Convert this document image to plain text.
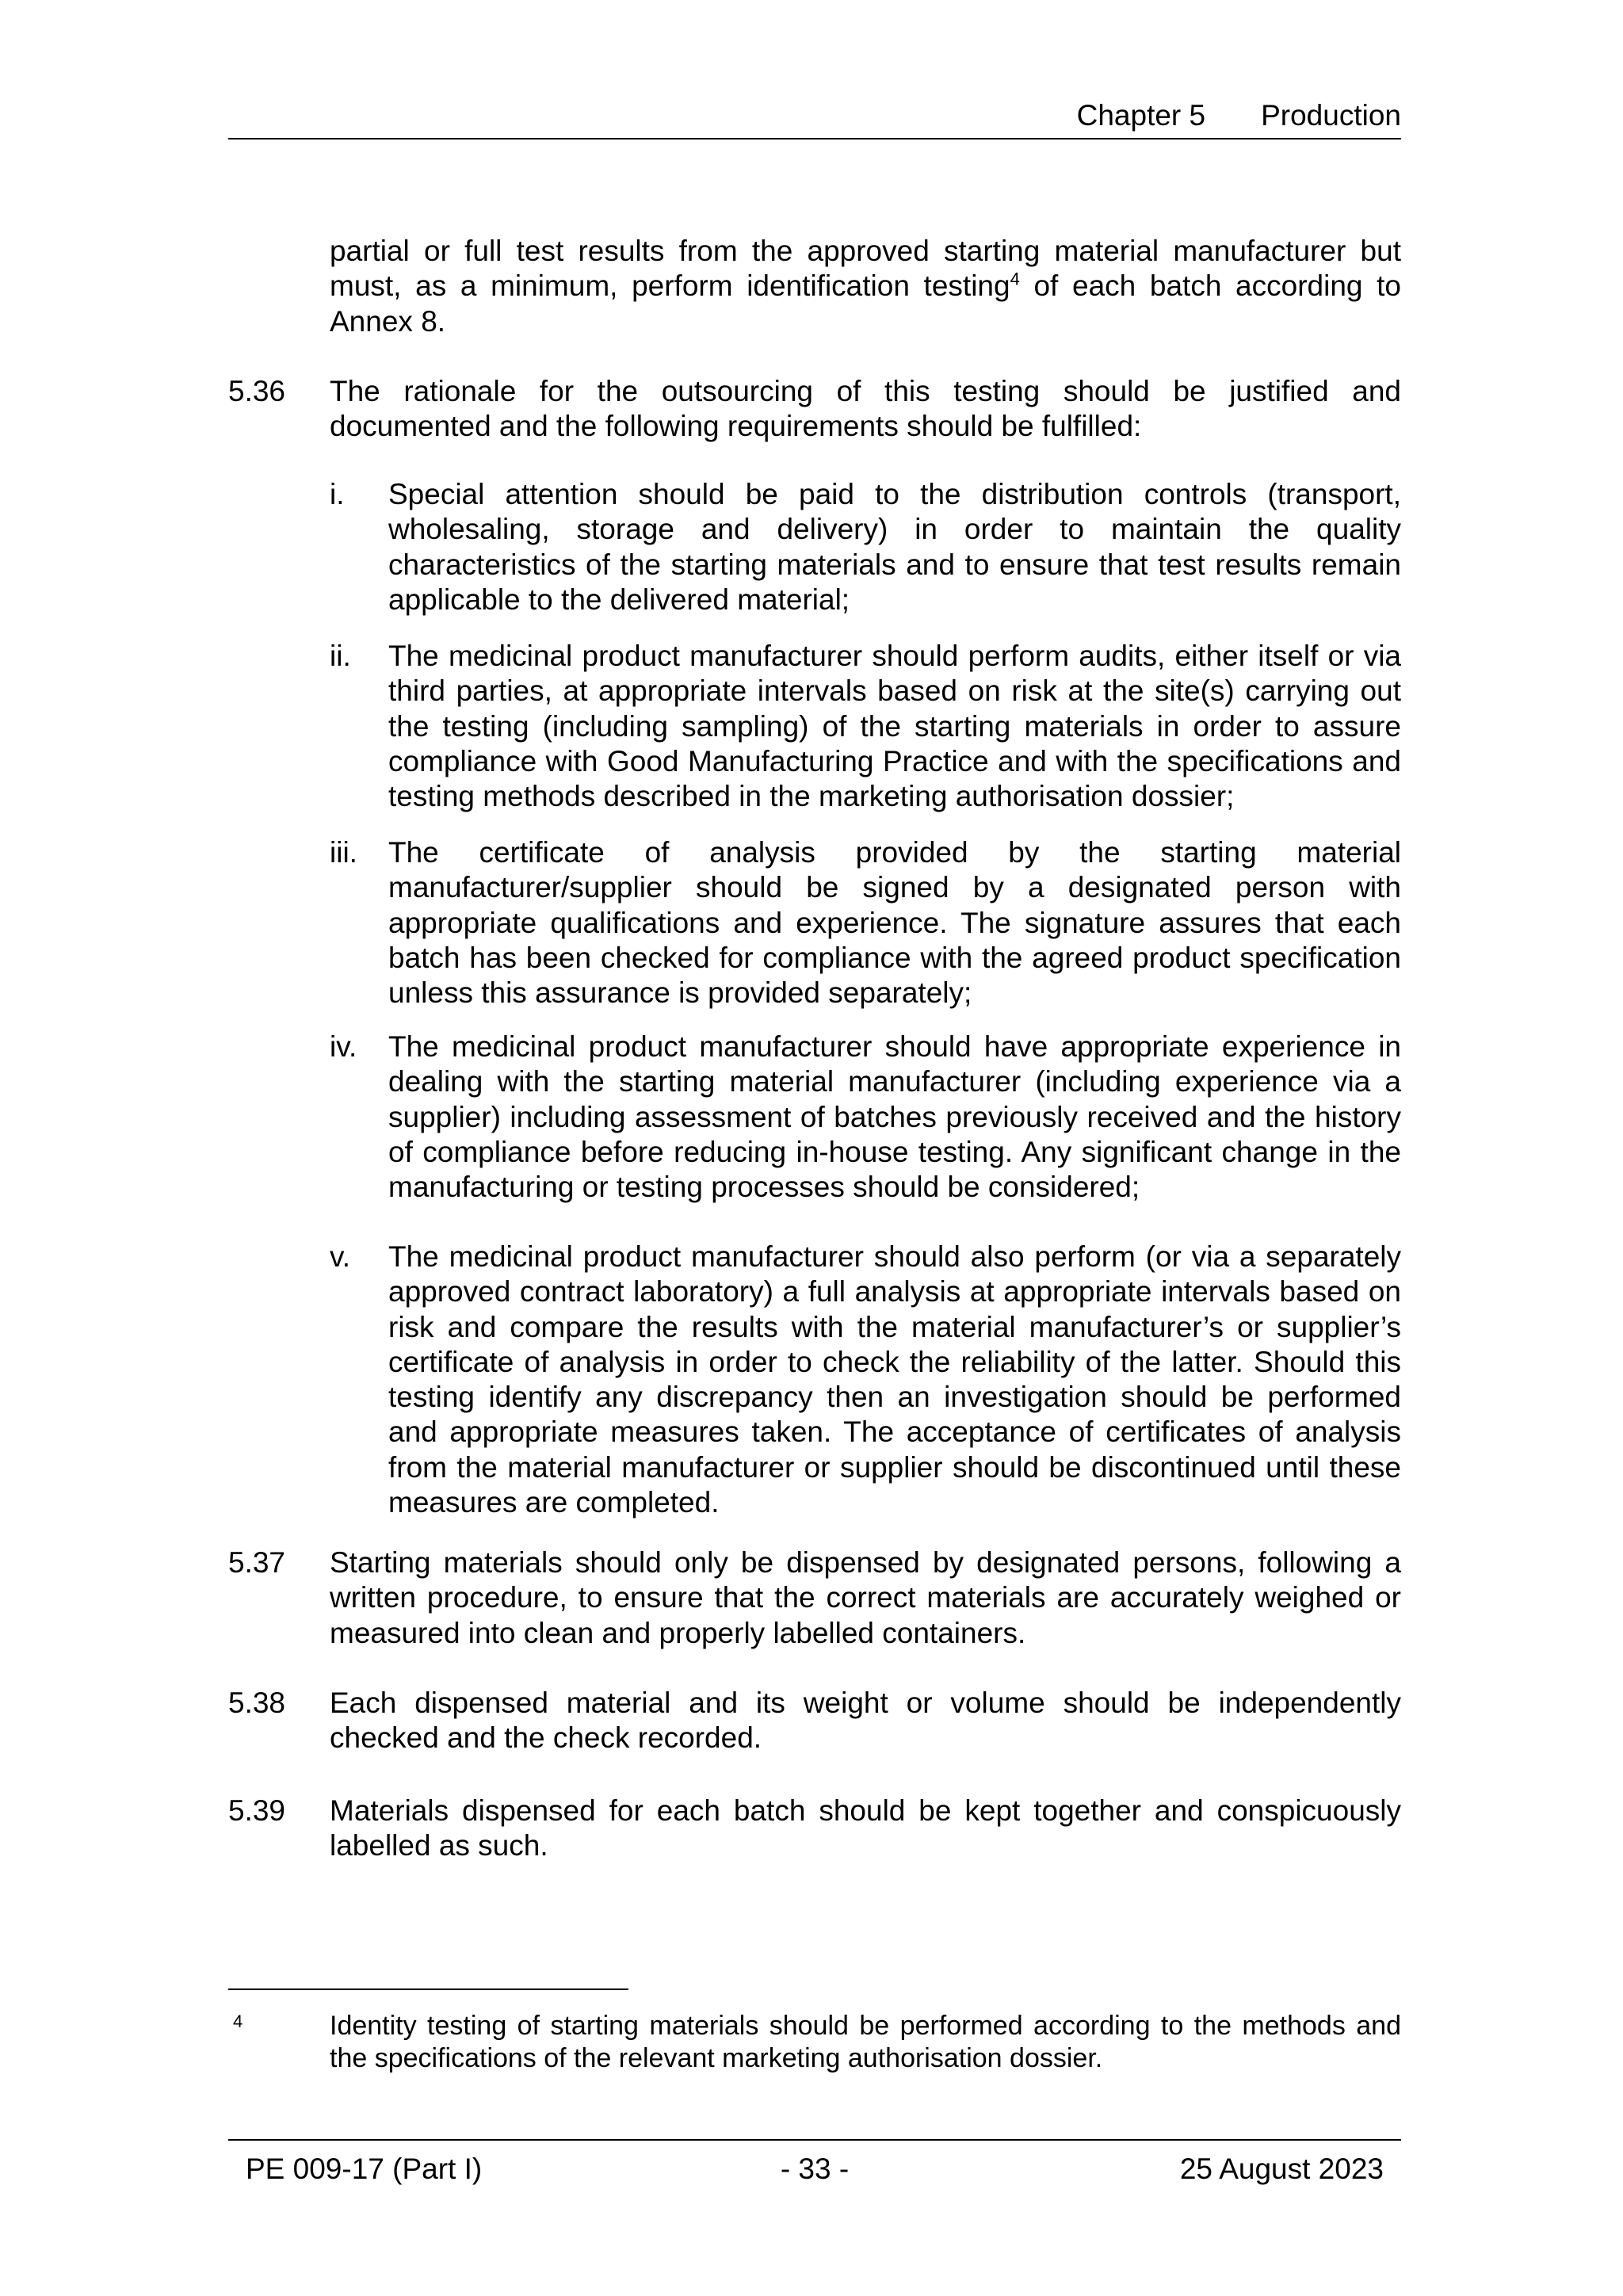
Chapter 5 Production
partial or full test results from the approved starting material manufacturer but must, as a minimum, perform identification testing$^4$ of each batch according to Annex 8.
5.36	The rationale for the outsourcing of this testing should be justified and documented and the following requirements should be fulfilled:
i.	Special attention should be paid to the distribution controls (transport, wholesaling, storage and delivery) in order to maintain the quality characteristics of the starting materials and to ensure that test results remain applicable to the delivered material;
ii.	The medicinal product manufacturer should perform audits, either itself or via third parties, at appropriate intervals based on risk at the site(s) carrying out the testing (including sampling) of the starting materials in order to assure compliance with Good Manufacturing Practice and with the specifications and testing methods described in the marketing authorisation dossier;
iii.	The certificate of analysis provided by the starting material manufacturer/supplier should be signed by a designated person with appropriate qualifications and experience. The signature assures that each batch has been checked for compliance with the agreed product specification unless this assurance is provided separately;
iv.	The medicinal product manufacturer should have appropriate experience in dealing with the starting material manufacturer (including experience via a supplier) including assessment of batches previously received and the history of compliance before reducing in-house testing. Any significant change in the manufacturing or testing processes should be considered;
v.	The medicinal product manufacturer should also perform (or via a separately approved contract laboratory) a full analysis at appropriate intervals based on risk and compare the results with the material manufacturer’s or supplier’s certificate of analysis in order to check the reliability of the latter. Should this testing identify any discrepancy then an investigation should be performed and appropriate measures taken. The acceptance of certificates of analysis from the material manufacturer or supplier should be discontinued until these measures are completed.
5.37	Starting materials should only be dispensed by designated persons, following a written procedure, to ensure that the correct materials are accurately weighed or measured into clean and properly labelled containers.
5.38	Each dispensed material and its weight or volume should be independently checked and the check recorded.
5.39	Materials dispensed for each batch should be kept together and conspicuously labelled as such.
4	Identity testing of starting materials should be performed according to the methods and the specifications of the relevant marketing authorisation dossier.
- 33 -
PE 009-17 (Part I)	25 August 2023
